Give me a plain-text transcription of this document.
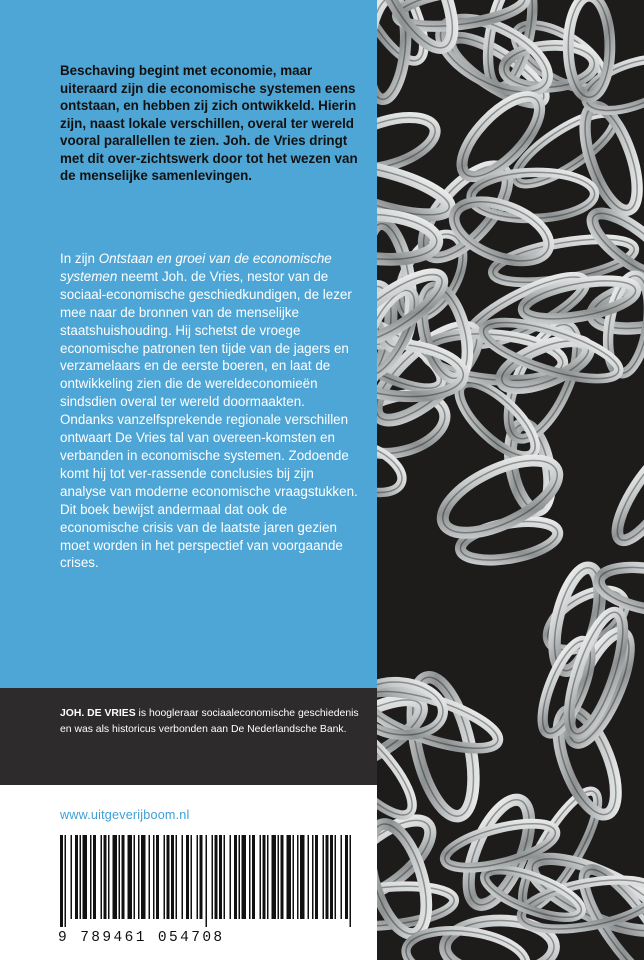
Beschaving begint met economie, maar uiteraard zijn die economische systemen eens ontstaan, en hebben zij zich ontwikkeld. Hierin zijn, naast lokale verschillen, overal ter wereld vooral parallellen te zien. Joh. de Vries dringt met dit over-zichtswerk door tot het wezen van de menselijke samenlevingen.

In zijn Ontstaan en groei van de economische systemen neemt Joh. de Vries, nestor van de sociaal-economische geschiedkundigen, de lezer mee naar de bronnen van de menselijke staatshuishouding. Hij schetst de vroege economische patronen ten tijde van de jagers en verzamelaars en de eerste boeren, en laat de ontwikkeling zien die de wereldeconomieën sindsdien overal ter wereld doormaakten. Ondanks vanzelfsprekende regionale verschillen ontwaart De Vries tal van overeen-komsten en verbanden in economische systemen. Zodoende komt hij tot ver-rassende conclusies bij zijn analyse van moderne economische vraagstukken. Dit boek bewijst andermaal dat ook de economische crisis van de laatste jaren gezien moet worden in het perspectief van voorgaande crises.

JOH. DE VRIES is hoogleraar sociaaleconomische geschiedenis en was als historicus verbonden aan De Nederlandsche Bank.

www.uitgeverijboom.nl

9 789461 054708
